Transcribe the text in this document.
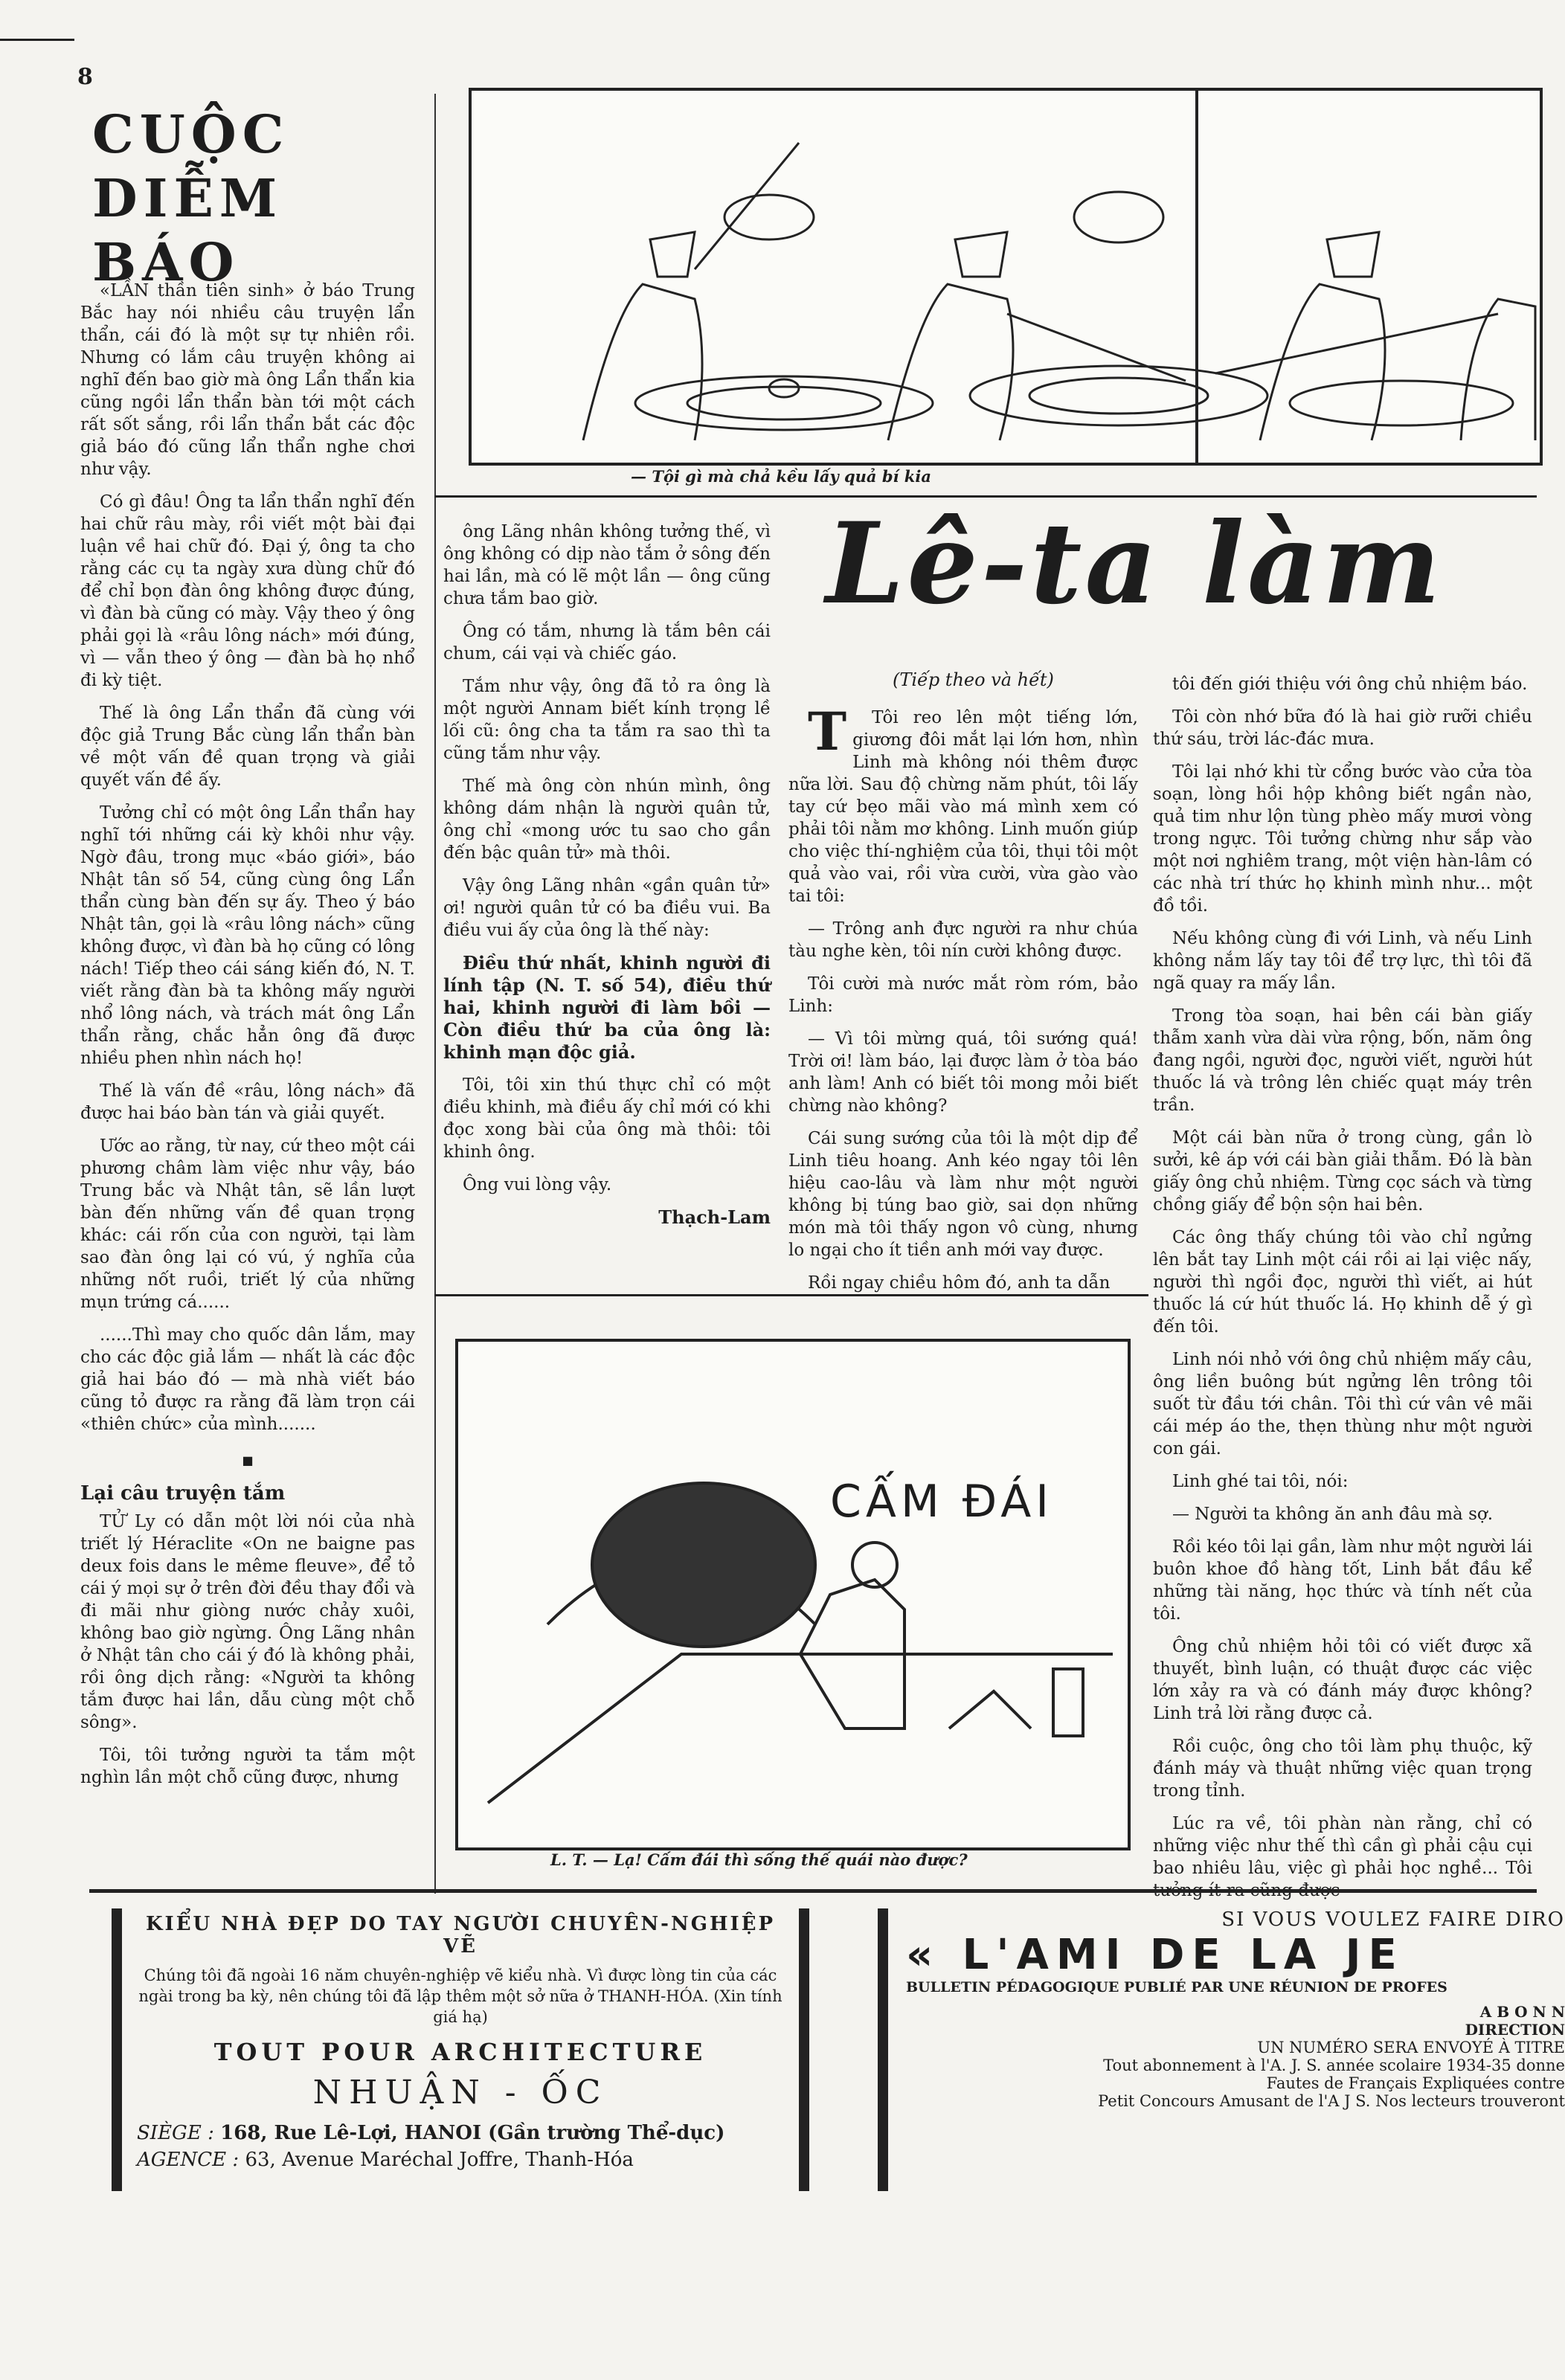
8
CUỘC
DIỄM
BÁO

«LẦN thần tiên sinh» ở báo Trung Bắc hay nói nhiều câu truyện lẩn thẩn, cái đó là một sự tự nhiên rồi. Nhưng có lắm câu truyện không ai nghĩ đến bao giờ mà ông Lẩn thẩn kia cũng ngồi lẩn thẩn bàn tới một cách rất sốt sắng, rồi lẩn thẩn bắt các độc giả báo đó cũng lẩn thẩn nghe chơi như vậy.

Có gì đâu! Ông ta lẩn thẩn nghĩ đến hai chữ râu mày, rồi viết một bài đại luận về hai chữ đó. Đại ý, ông ta cho rằng các cụ ta ngày xưa dùng chữ đó để chỉ bọn đàn ông không được đúng, vì đàn bà cũng có mày. Vậy theo ý ông phải gọi là «râu lông nách» mới đúng, vì — vẫn theo ý ông — đàn bà họ nhổ đi kỳ tiệt.

Thế là ông Lẩn thẩn đã cùng với độc giả Trung Bắc cùng lẩn thẩn bàn về một vấn đề quan trọng và giải quyết vấn đề ấy.

Tưởng chỉ có một ông Lẩn thẩn hay nghĩ tới những cái kỳ khôi như vậy. Ngờ đâu, trong mục «báo giới», báo Nhật tân số 54, cũng cùng ông Lẩn thẩn cùng bàn đến sự ấy. Theo ý báo Nhật tân, gọi là «râu lông nách» cũng không được, vì đàn bà họ cũng có lông nách! Tiếp theo cái sáng kiến đó, N. T. viết rằng đàn bà ta không mấy người nhổ lông nách, và trách mát ông Lẩn thẩn rằng, chắc hẳn ông đã được nhiều phen nhìn nách họ!

Thế là vấn đề «râu, lông nách» đã được hai báo bàn tán và giải quyết.

Ước ao rằng, từ nay, cứ theo một cái phương châm làm việc như vậy, báo Trung bắc và Nhật tân, sẽ lần lượt bàn đến những vấn đề quan trọng khác: cái rốn của con người, tại làm sao đàn ông lại có vú, ý nghĩa của những nốt ruồi, triết lý của những mụn trứng cá......

......Thì may cho quốc dân lắm, may cho các độc giả lắm — nhất là các độc giả hai báo đó — mà nhà viết báo cũng tỏ được ra rằng đã làm trọn cái «thiên chức» của mình.......

■
Lại câu truyện tắm

TỬ Ly có dẫn một lời nói của nhà triết lý Héraclite «On ne baigne pas deux fois dans le même fleuve», để tỏ cái ý mọi sự ở trên đời đều thay đổi và đi mãi như giòng nước chảy xuôi, không bao giờ ngừng. Ông Lãng nhân ở Nhật tân cho cái ý đó là không phải, rồi ông dịch rằng: «Người ta không tắm được hai lần, dẫu cùng một chỗ sông».

Tôi, tôi tưởng người ta tắm một nghìn lần một chỗ cũng được, nhưng

— Tội gì mà chả kều lấy quả bí kia

ông Lãng nhân không tưởng thế, vì ông không có dịp nào tắm ở sông đến hai lần, mà có lẽ một lần — ông cũng chưa tắm bao giờ.

Ông có tắm, nhưng là tắm bên cái chum, cái vại và chiếc gáo.

Tắm như vậy, ông đã tỏ ra ông là một người Annam biết kính trọng lề lối cũ: ông cha ta tắm ra sao thì ta cũng tắm như vậy.

Thế mà ông còn nhún mình, ông không dám nhận là người quân tử, ông chỉ «mong ước tu sao cho gần đến bậc quân tử» mà thôi.

Vậy ông Lãng nhân «gần quân tử» ơi! người quân tử có ba điều vui. Ba điều vui ấy của ông là thế này:

Điều thứ nhất, khinh người đi lính tập (N. T. số 54), điều thứ hai, khinh người đi làm bồi — Còn điều thứ ba của ông là: khinh mạn độc giả.

Tôi, tôi xin thú thực chỉ có một điều khinh, mà điều ấy chỉ mới có khi đọc xong bài của ông mà thôi: tôi khinh ông.

Ông vui lòng vậy.

Thạch-Lam
Lê-ta làm
(Tiếp theo và hết)

T Tôi reo lên một tiếng lớn, giương đôi mắt lại lớn hơn, nhìn Linh mà không nói thêm được nữa lời. Sau độ chừng năm phút, tôi lấy tay cứ bẹo mãi vào má mình xem có phải tôi nằm mơ không. Linh muốn giúp cho việc thí-nghiệm của tôi, thụi tôi một quả vào vai, rồi vừa cười, vừa gào vào tai tôi:

— Trông anh đực người ra như chúa tàu nghe kèn, tôi nín cười không được.

Tôi cười mà nước mắt ròm róm, bảo Linh:

— Vì tôi mừng quá, tôi sướng quá! Trời ơi! làm báo, lại được làm ở tòa báo anh làm! Anh có biết tôi mong mỏi biết chừng nào không?

Cái sung sướng của tôi là một dịp để Linh tiêu hoang. Anh kéo ngay tôi lên hiệu cao-lâu và làm như một người không bị túng bao giờ, sai dọn những món mà tôi thấy ngon vô cùng, nhưng lo ngại cho ít tiền anh mới vay được.

Rồi ngay chiều hôm đó, anh ta dẫn

tôi đến giới thiệu với ông chủ nhiệm báo.

Tôi còn nhớ bữa đó là hai giờ rưỡi chiều thứ sáu, trời lác-đác mưa.

Tôi lại nhớ khi từ cổng bước vào cửa tòa soạn, lòng hồi hộp không biết ngần nào, quả tim như lộn tùng phèo mấy mươi vòng trong ngực. Tôi tưởng chừng như sắp vào một nơi nghiêm trang, một viện hàn-lâm có các nhà trí thức họ khinh mình như... một đồ tồi.

Nếu không cùng đi với Linh, và nếu Linh không nắm lấy tay tôi để trợ lực, thì tôi đã ngã quay ra mấy lần.

Trong tòa soạn, hai bên cái bàn giấy thẫm xanh vừa dài vừa rộng, bốn, năm ông đang ngồi, người đọc, người viết, người hút thuốc lá và trông lên chiếc quạt máy trên trần.

Một cái bàn nữa ở trong cùng, gần lò sưởi, kê áp với cái bàn giải thẫm. Đó là bàn giấy ông chủ nhiệm. Từng cọc sách và từng chồng giấy để bộn sộn hai bên.

Các ông thấy chúng tôi vào chỉ ngửng lên bắt tay Linh một cái rồi ai lại việc nấy, người thì ngồi đọc, người thì viết, ai hút thuốc lá cứ hút thuốc lá. Họ khinh dễ ý gì đến tôi.

Linh nói nhỏ với ông chủ nhiệm mấy câu, ông liền buông bút ngửng lên trông tôi suốt từ đầu tới chân. Tôi thì cứ vân vê mãi cái mép áo the, thẹn thùng như một người con gái.

Linh ghé tai tôi, nói:

— Người ta không ăn anh đâu mà sợ.

Rồi kéo tôi lại gần, làm như một người lái buôn khoe đồ hàng tốt, Linh bắt đầu kể những tài năng, học thức và tính nết của tôi.

Ông chủ nhiệm hỏi tôi có viết được xã thuyết, bình luận, có thuật được các việc lớn xảy ra và có đánh máy được không? Linh trả lời rằng được cả.

Rồi cuộc, ông cho tôi làm phụ thuộc, kỹ đánh máy và thuật những việc quan trọng trong tỉnh.

Lúc ra về, tôi phàn nàn rằng, chỉ có những việc như thế thì cần gì phải cậu cụi bao nhiêu lâu, việc gì phải học nghề... Tôi tưởng ít ra cũng được

CẤM ĐÁI
L. T. — Lạ! Cấm đái thì sống thế quái nào được?
KIỂU NHÀ ĐẸP DO TAY NGƯỜI CHUYÊN-NGHIỆP VẼ
Chúng tôi đã ngoài 16 năm chuyên-nghiệp vẽ kiểu nhà. Vì được lòng tin của các ngài trong ba kỳ, nên chúng tôi đã lập thêm một sở nữa ở THANH-HÓA. (Xin tính giá hạ)
TOUT POUR ARCHITECTURE
NHUẬN - ỐC
SIÈGE : 168, Rue Lê-Lợi, HANOI (Gần trường Thể-dục)
AGENCE : 63, Avenue Maréchal Joffre, Thanh-Hóa
SI VOUS VOULEZ FAIRE DIRO
« L'AMI DE LA JE
BULLETIN PÉDAGOGIQUE PUBLIÉ PAR UNE RÉUNION DE PROFES
A B O N N
DIRECTION
UN NUMÉRO SERA ENVOYÉ À TITRE
Tout abonnement à l'A. J. S. année scolaire 1934-35 donne
Fautes de Français Expliquées contre
Petit Concours Amusant de l'A J S. Nos lecteurs trouveront
